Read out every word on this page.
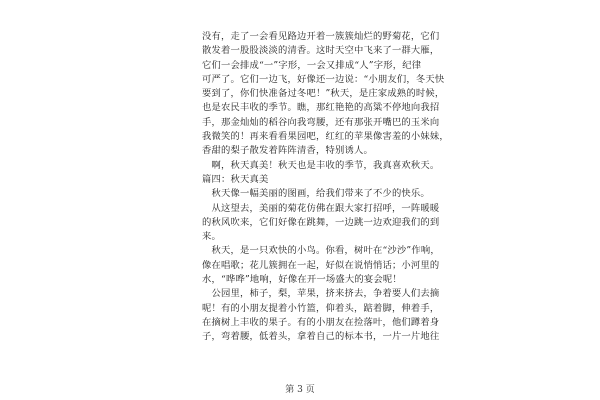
没有，走了一会看见路边开着一簇簇灿烂的野菊花，它们
散发着一股股淡淡的清香。这时天空中飞来了一群大雁，
它们一会排成“一”字形，一会又排成“人”字形，纪律
可严了。它们一边飞，好像还一边说：“小朋友们，冬天快
要到了，你们快准备过冬吧！”秋天，是庄家成熟的时候，
也是农民丰收的季节。瞧，那红艳艳的高粱不停地向我招
手，那金灿灿的稻谷向我弯腰，还有那张开嘴巴的玉米向
我微笑的！再来看看果园吧，红红的苹果像害羞的小妹妹，
香甜的梨子散发着阵阵清香，特别诱人。
　啊，秋天真美！秋天也是丰收的季节，我真喜欢秋天。
篇四：秋天真美
　秋天像一幅美丽的图画，给我们带来了不少的快乐。
　从这望去，美丽的菊花仿佛在跟大家打招呼，一阵暖暖
的秋风吹来，它们好像在跳舞，一边跳一边欢迎我们的到
来。
　秋天，是一只欢快的小鸟。你看，树叶在“沙沙”作响，
像在唱歌；花儿簇拥在一起，好似在说悄悄话；小河里的
水，“哗哗”地响，好像在开一场盛大的宴会呢！
　公园里，柿子，梨，苹果，挤来挤去，争着要人们去摘
呢！有的小朋友提着小竹篮，仰着头，踮着脚，伸着手，
在摘树上丰收的果子。有的小朋友在捡落叶，他们蹲着身
子，弯着腰，低着头，拿着自己的标本书，一片一片地往
第 3 页
